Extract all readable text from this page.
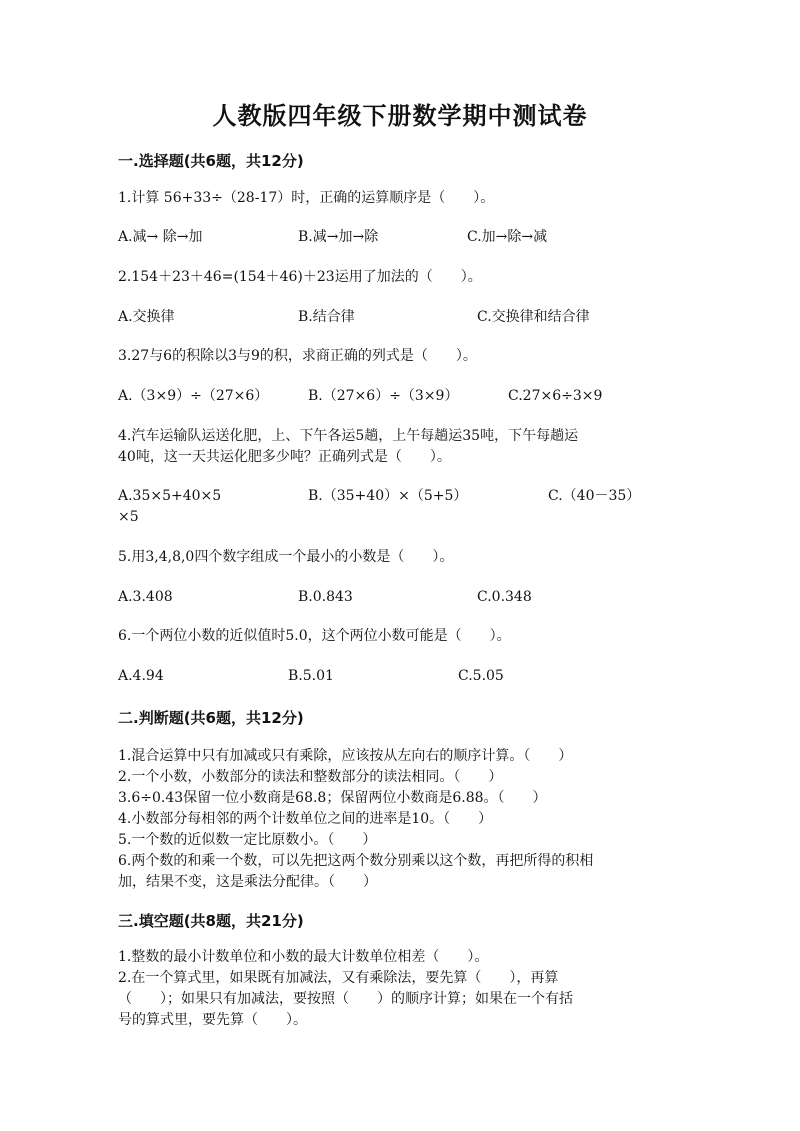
人教版四年级下册数学期中测试卷
一.选择题(共6题，共12分)
1.计算 56+33÷（28-17）时，正确的运算顺序是（　　）。
A.减→ 除→加	B.减→加→除	C.加→除→减
2.154＋23＋46=(154＋46)＋23运用了加法的（　　）。
A.交换律	B.结合律	C.交换律和结合律
3.27与6的积除以3与9的积，求商正确的列式是（　　）。
A.（3×9）÷（27×6）	B.（27×6）÷（3×9）	C.27×6÷3×9
4.汽车运输队运送化肥，上、下午各运5趟，上午每趟运35吨，下午每趟运
40吨，这一天共运化肥多少吨？正确列式是（　　）。
A.35×5+40×5	B.（35+40）×（5+5）	C.（40－35）
×5
5.用3,4,8,0四个数字组成一个最小的小数是（　　）。
A.3.408	B.0.843	C.0.348
6.一个两位小数的近似值时5.0，这个两位小数可能是（　　）。
A.4.94	B.5.01	C.5.05
二.判断题(共6题，共12分)
1.混合运算中只有加减或只有乘除，应该按从左向右的顺序计算。（　　）
2.一个小数，小数部分的读法和整数部分的读法相同。（　　）
3.6÷0.43保留一位小数商是68.8；保留两位小数商是6.88。（　　）
4.小数部分每相邻的两个计数单位之间的进率是10。（　　）
5.一个数的近似数一定比原数小。（　　）
6.两个数的和乘一个数，可以先把这两个数分别乘以这个数，再把所得的积相
加，结果不变，这是乘法分配律。（　　）
三.填空题(共8题，共21分)
1.整数的最小计数单位和小数的最大计数单位相差（　　）。
2.在一个算式里，如果既有加减法，又有乘除法，要先算（　　），再算
（　　）；如果只有加减法，要按照（　　）的顺序计算；如果在一个有括
号的算式里，要先算（　　）。
